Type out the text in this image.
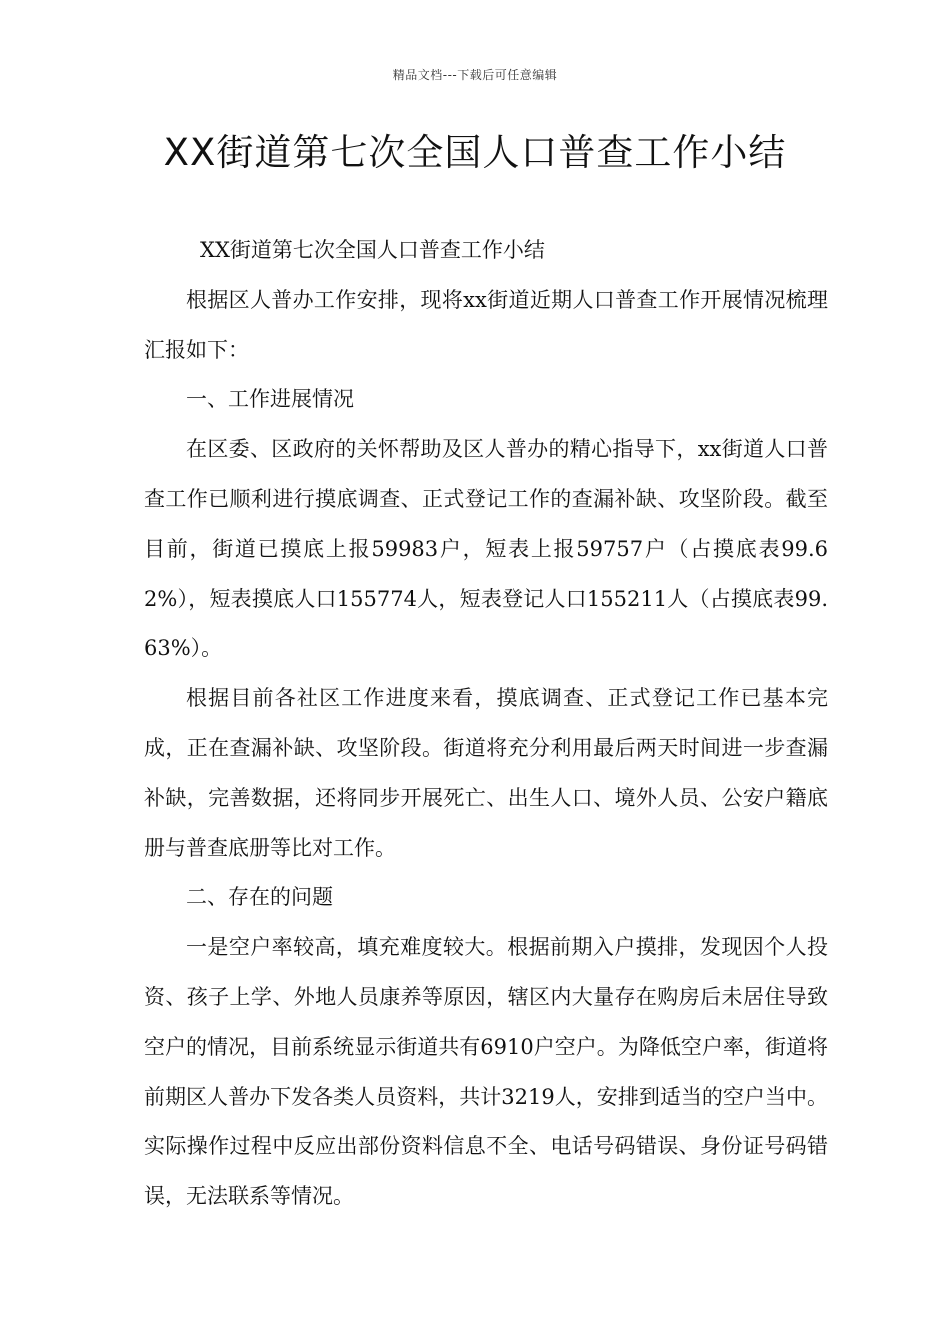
精品文档---下载后可任意编辑
XX街道第七次全国人口普查工作小结

XX街道第七次全国人口普查工作小结

根据区人普办工作安排，现将xx街道近期人口普查工作开展情况梳理汇报如下：

一、工作进展情况

在区委、区政府的关怀帮助及区人普办的精心指导下，xx街道人口普查工作已顺利进行摸底调查、正式登记工作的查漏补缺、攻坚阶段。截至目前，街道已摸底上报59983户，短表上报59757户（占摸底表99.62%），短表摸底人口155774人，短表登记人口155211人（占摸底表99.63%）。

根据目前各社区工作进度来看，摸底调查、正式登记工作已基本完成，正在查漏补缺、攻坚阶段。街道将充分利用最后两天时间进一步查漏补缺，完善数据，还将同步开展死亡、出生人口、境外人员、公安户籍底册与普查底册等比对工作。

二、存在的问题

一是空户率较高，填充难度较大。根据前期入户摸排，发现因个人投资、孩子上学、外地人员康养等原因，辖区内大量存在购房后未居住导致空户的情况，目前系统显示街道共有6910户空户。为降低空户率，街道将前期区人普办下发各类人员资料，共计3219人，安排到适当的空户当中。实际操作过程中反应出部份资料信息不全、电话号码错误、身份证号码错误，无法联系等情况。
